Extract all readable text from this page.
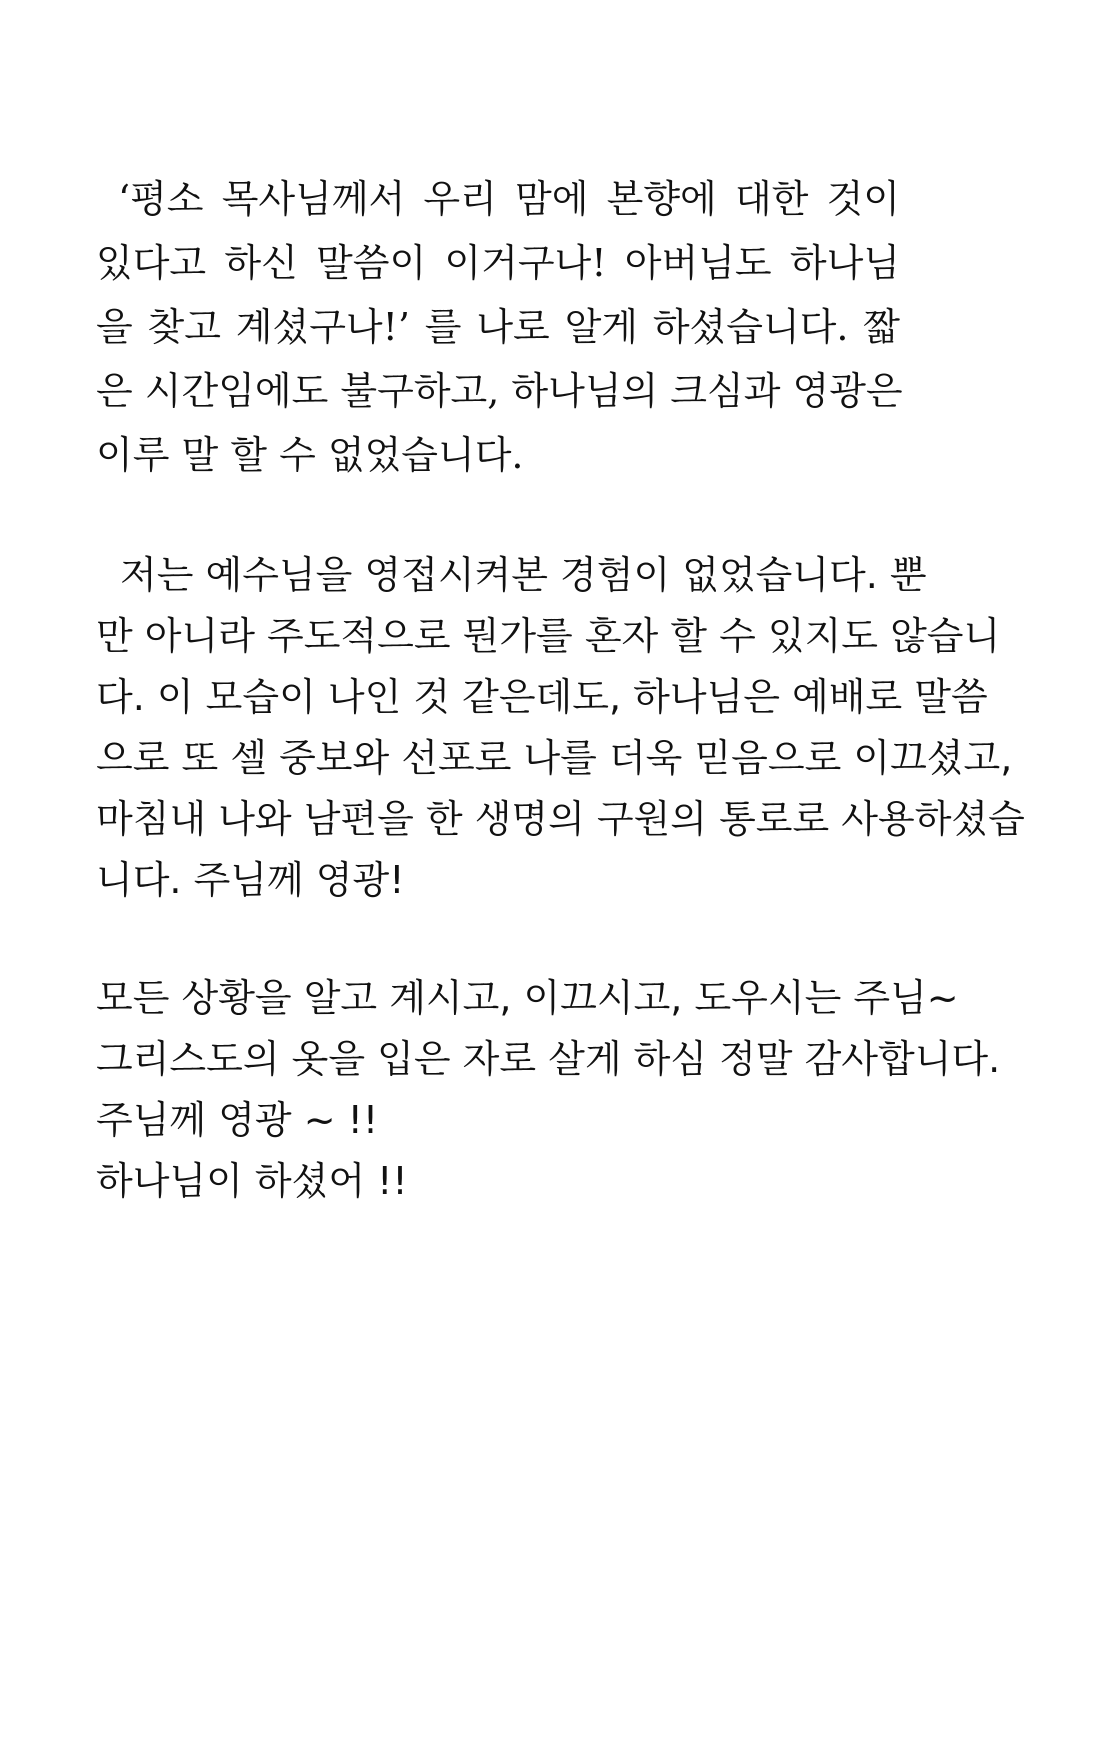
‘평소 목사님께서 우리 맘에 본향에 대한 것이
있다고 하신 말씀이 이거구나! 아버님도 하나님
을 찾고 계셨구나!’ 를 나로 알게 하셨습니다. 짧
은 시간임에도 불구하고, 하나님의 크심과 영광은
이루 말 할 수 없었습니다.
저는 예수님을 영접시켜본 경험이 없었습니다. 뿐
만 아니라 주도적으로 뭔가를 혼자 할 수 있지도 않습니
다. 이 모습이 나인 것 같은데도, 하나님은 예배로 말씀
으로 또 셀 중보와 선포로 나를 더욱 믿음으로 이끄셨고,
마침내 나와 남편을 한 생명의 구원의 통로로 사용하셨습
니다. 주님께 영광!
모든 상황을 알고 계시고, 이끄시고, 도우시는 주님~
그리스도의 옷을 입은 자로 살게 하심 정말 감사합니다.
주님께 영광 ~ !!
하나님이 하셨어 !!
